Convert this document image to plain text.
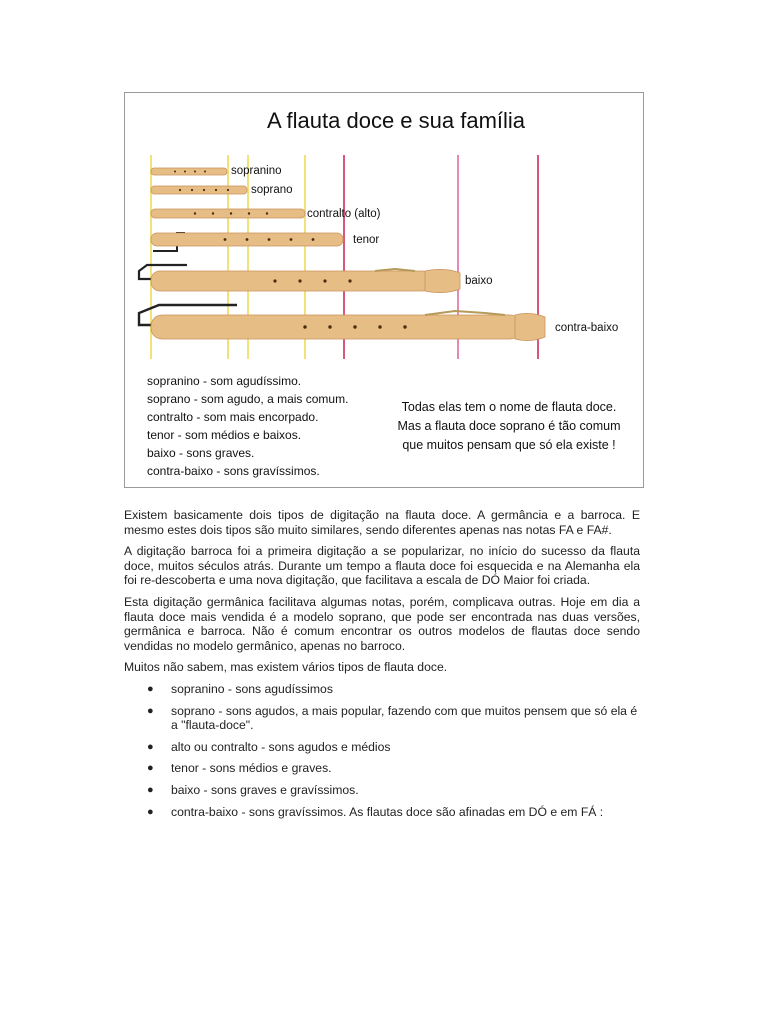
A flauta doce e sua família
sopranino
soprano
contralto (alto)
tenor
baixo
contra-baixo
sopranino - som agudíssimo.
soprano - som agudo, a mais comum.
contralto - som mais encorpado.
tenor - som médios e baixos.
baixo - sons graves.
contra-baixo - sons gravíssimos.
Todas elas tem o nome de flauta doce.
Mas a flauta doce soprano é tão comum
que muitos pensam que só ela existe !

Existem basicamente dois tipos de digitação na flauta doce. A germância e a barroca. E mesmo estes dois tipos são muito similares, sendo diferentes apenas nas notas FA e FA#.

A digitação barroca foi a primeira digitação a se popularizar, no início do sucesso da flauta doce, muitos séculos atrás. Durante um tempo a flauta doce foi esquecida e na Alemanha ela foi re-descoberta e uma nova digitação, que facilitava a escala de DÓ Maior foi criada.

Esta digitação germânica facilitava algumas notas, porém, complicava outras. Hoje em dia a flauta doce mais vendida é a modelo soprano, que pode ser encontrada nas duas versões, germânica e barroca. Não é comum encontrar os outros modelos de flautas doce sendo vendidas no modelo germânico, apenas no barroco.

Muitos não sabem, mas existem vários tipos de flauta doce.

● sopranino - sons agudíssimos
● soprano - sons agudos, a mais popular, fazendo com que muitos pensem que só ela é a "flauta-doce".
● alto ou contralto - sons agudos e médios
● tenor - sons médios e graves.
● baixo - sons graves e gravíssimos.
● contra-baixo - sons gravíssimos. As flautas doce são afinadas em DÓ e em FÁ :
